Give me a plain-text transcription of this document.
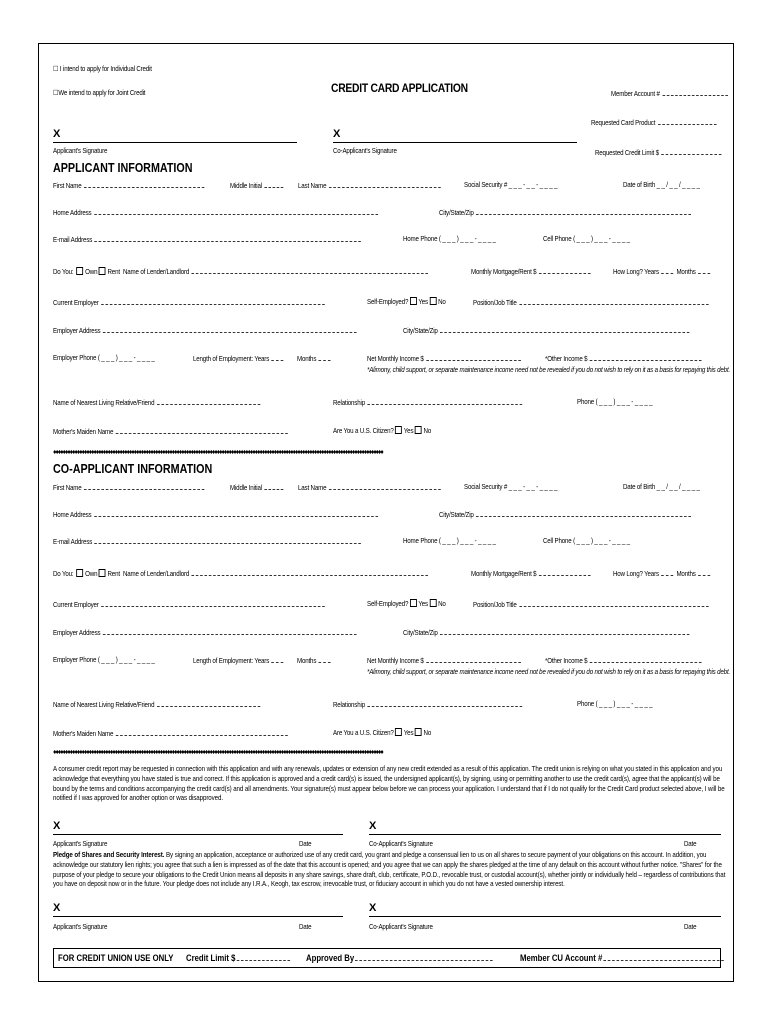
☐ I intend to apply for Individual Credit
☐We intend to apply for Joint Credit	CREDIT CARD APPLICATION	Member Account #
Requested Card Product
Requested Credit Limit $
X
Applicant's Signature
X
Co-Applicant's Signature
APPLICANT INFORMATION
First Name	Middle Initial	Last Name	Social Security # _ _ _ - _ _ - _ _ _ _	Date of Birth _ _ / _ _ / _ _ _ _
Home Address	City/State/Zip
E-mail Address	Home Phone ( _ _ _ ) _ _ _ - _ _ _ _	Cell Phone ( _ _ _ ) _ _ _ - _ _ _ _
Do You: Own Rent Name of Lender/Landlord	Monthly Mortgage/Rent $	How Long? Years Months
Current Employer	Self-Employed? Yes No	Position/Job Title
Employer Address	City/State/Zip
Employer Phone ( _ _ _ ) _ _ _ - _ _ _ _	Length of Employment: Years	Months	Net Monthly Income $	*Other Income $
*Alimony, child support, or separate maintenance income need not be revealed if you do not wish to rely on it as a basis for repaying this debt.
Name of Nearest Living Relative/Friend	Relationship	Phone ( _ _ _ ) _ _ _ - _ _ _ _
Mother's Maiden Name	Are You a U.S. Citizen? Yes No
♦♦♦♦♦♦♦♦♦♦♦♦♦♦♦♦♦♦♦♦♦♦♦♦♦♦♦♦♦♦♦♦♦♦♦♦♦♦♦♦♦♦♦♦♦♦♦♦♦♦♦♦♦♦♦♦♦♦♦♦♦♦♦♦♦♦♦♦♦♦♦♦♦♦♦♦♦♦♦♦♦♦♦♦♦♦♦♦♦♦♦♦♦♦♦♦♦♦♦♦♦♦♦♦♦♦♦♦♦♦♦♦♦♦♦♦♦♦♦♦♦♦♦♦♦♦♦♦♦♦♦♦♦♦♦♦♦♦♦
CO-APPLICANT INFORMATION
First Name	Middle Initial	Last Name	Social Security # _ _ _ - _ _ - _ _ _ _	Date of Birth _ _ / _ _ / _ _ _ _
Home Address	City/State/Zip
E-mail Address	Home Phone ( _ _ _ ) _ _ _ - _ _ _ _	Cell Phone ( _ _ _ ) _ _ _ - _ _ _ _
Do You: Own Rent Name of Lender/Landlord	Monthly Mortgage/Rent $	How Long? Years Months
Current Employer	Self-Employed? Yes No	Position/Job Title
Employer Address	City/State/Zip
Employer Phone ( _ _ _ ) _ _ _ - _ _ _ _	Length of Employment: Years	Months	Net Monthly Income $	*Other Income $
*Alimony, child support, or separate maintenance income need not be revealed if you do not wish to rely on it as a basis for repaying this debt.
Name of Nearest Living Relative/Friend	Relationship	Phone ( _ _ _ ) _ _ _ - _ _ _ _
Mother's Maiden Name	Are You a U.S. Citizen? Yes No
♦♦♦♦♦♦♦♦♦♦♦♦♦♦♦♦♦♦♦♦♦♦♦♦♦♦♦♦♦♦♦♦♦♦♦♦♦♦♦♦♦♦♦♦♦♦♦♦♦♦♦♦♦♦♦♦♦♦♦♦♦♦♦♦♦♦♦♦♦♦♦♦♦♦♦♦♦♦♦♦♦♦♦♦♦♦♦♦♦♦♦♦♦♦♦♦♦♦♦♦♦♦♦♦♦♦♦♦♦♦♦♦♦♦♦♦♦♦♦♦♦♦♦♦♦♦♦♦♦♦♦♦♦♦♦♦♦♦♦
A consumer credit report may be requested in connection with this application and with any renewals, updates or extension of any new credit extended as a result of this application. The credit union is relying on what you stated in this application and you acknowledge that everything you have stated is true and correct. If this application is approved and a credit card(s) is issued, the undersigned applicant(s), by signing, using or permitting another to use the credit card(s), agree that the applicant(s) will be bound by the terms and conditions accompanying the credit card(s) and all amendments. Your signature(s) must appear below before we can process your application. I understand that if I do not qualify for the Credit Card product selected above, I will be notified if I was approved for another option or was disapproved.
X
Applicant's Signature	Date
X
Co-Applicant's Signature	Date
Pledge of Shares and Security Interest. By signing an application, acceptance or authorized use of any credit card, you grant and pledge a consensual lien to us on all shares to secure payment of your obligations on this account. In addition, you acknowledge our statutory lien rights; you agree that such a lien is impressed as of the date that this account is opened; and you agree that we can apply the shares pledged at the time of any default on this account without further notice. "Shares" for the purpose of your pledge to secure your obligations to the Credit Union means all deposits in any share savings, share draft, club, certificate, P.O.D., revocable trust, or custodial account(s), whether jointly or individually held – regardless of contributions that you have on deposit now or in the future. Your pledge does not include any I.R.A., Keogh, tax escrow, irrevocable trust, or fiduciary account in which you do not have a vested ownership interest.
X
Applicant's Signature	Date
X
Co-Applicant's Signature	Date
FOR CREDIT UNION USE ONLY Credit Limit $	Approved By	Member CU Account #
